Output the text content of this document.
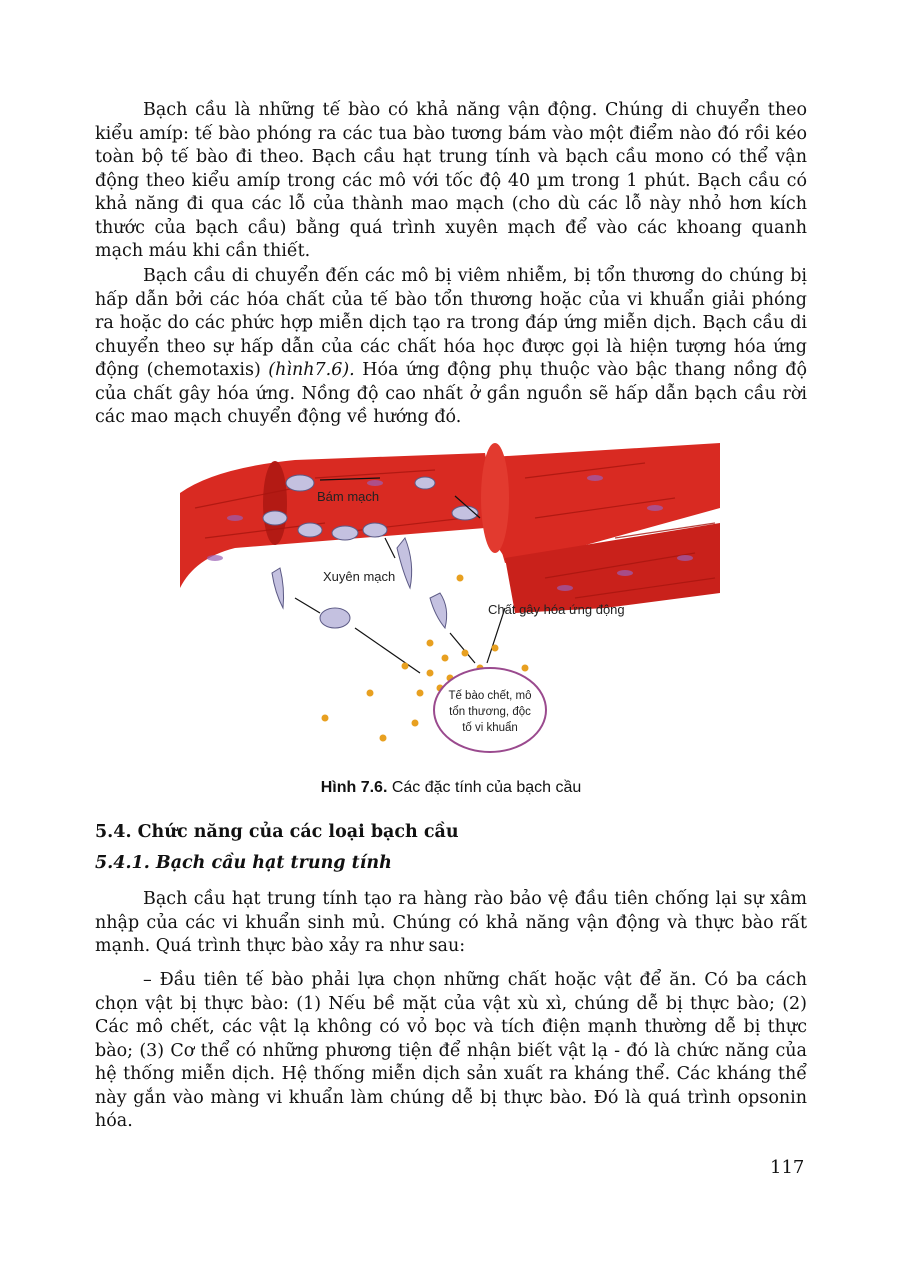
Bạch cầu là những tế bào có khả năng vận động. Chúng di chuyển theo kiểu amíp: tế bào phóng ra các tua bào tương bám vào một điểm nào đó rồi kéo toàn bộ tế bào đi theo. Bạch cầu hạt trung tính và bạch cầu mono có thể vận động theo kiểu amíp trong các mô với tốc độ 40 µm trong 1 phút. Bạch cầu có khả năng đi qua các lỗ của thành mao mạch (cho dù các lỗ này nhỏ hơn kích thước của bạch cầu) bằng quá trình xuyên mạch để vào các khoang quanh mạch máu khi cần thiết.

Bạch cầu di chuyển đến các mô bị viêm nhiễm, bị tổn thương do chúng bị hấp dẫn bởi các hóa chất của tế bào tổn thương hoặc của vi khuẩn giải phóng ra hoặc do các phức hợp miễn dịch tạo ra trong đáp ứng miễn dịch. Bạch cầu di chuyển theo sự hấp dẫn của các chất hóa học được gọi là hiện tượng hóa ứng động (chemotaxis) (hình7.6). Hóa ứng động phụ thuộc vào bậc thang nồng độ của chất gây hóa ứng. Nồng độ cao nhất ở gần nguồn sẽ hấp dẫn bạch cầu rời các mao mạch chuyển động về hướng đó.

Bám mạch
Xuyên mạch
Chất gây hóa ứng động
Tế bào chết, mô
tổn thương, độc
tố vi khuẩn
Hình 7.6. Các đặc tính của bạch cầu
5.4. Chức năng của các loại bạch cầu
5.4.1. Bạch cầu hạt trung tính

Bạch cầu hạt trung tính tạo ra hàng rào bảo vệ đầu tiên chống lại sự xâm nhập của các vi khuẩn sinh mủ. Chúng có khả năng vận động và thực bào rất mạnh. Quá trình thực bào xảy ra như sau:

– Đầu tiên tế bào phải lựa chọn những chất hoặc vật để ăn. Có ba cách chọn vật bị thực bào: (1) Nếu bề mặt của vật xù xì, chúng dễ bị thực bào; (2) Các mô chết, các vật lạ không có vỏ bọc và tích điện mạnh thường dễ bị thực bào; (3) Cơ thể có những phương tiện để nhận biết vật lạ - đó là chức năng của hệ thống miễn dịch. Hệ thống miễn dịch sản xuất ra kháng thể. Các kháng thể này gắn vào màng vi khuẩn làm chúng dễ bị thực bào. Đó là quá trình opsonin hóa.

117
